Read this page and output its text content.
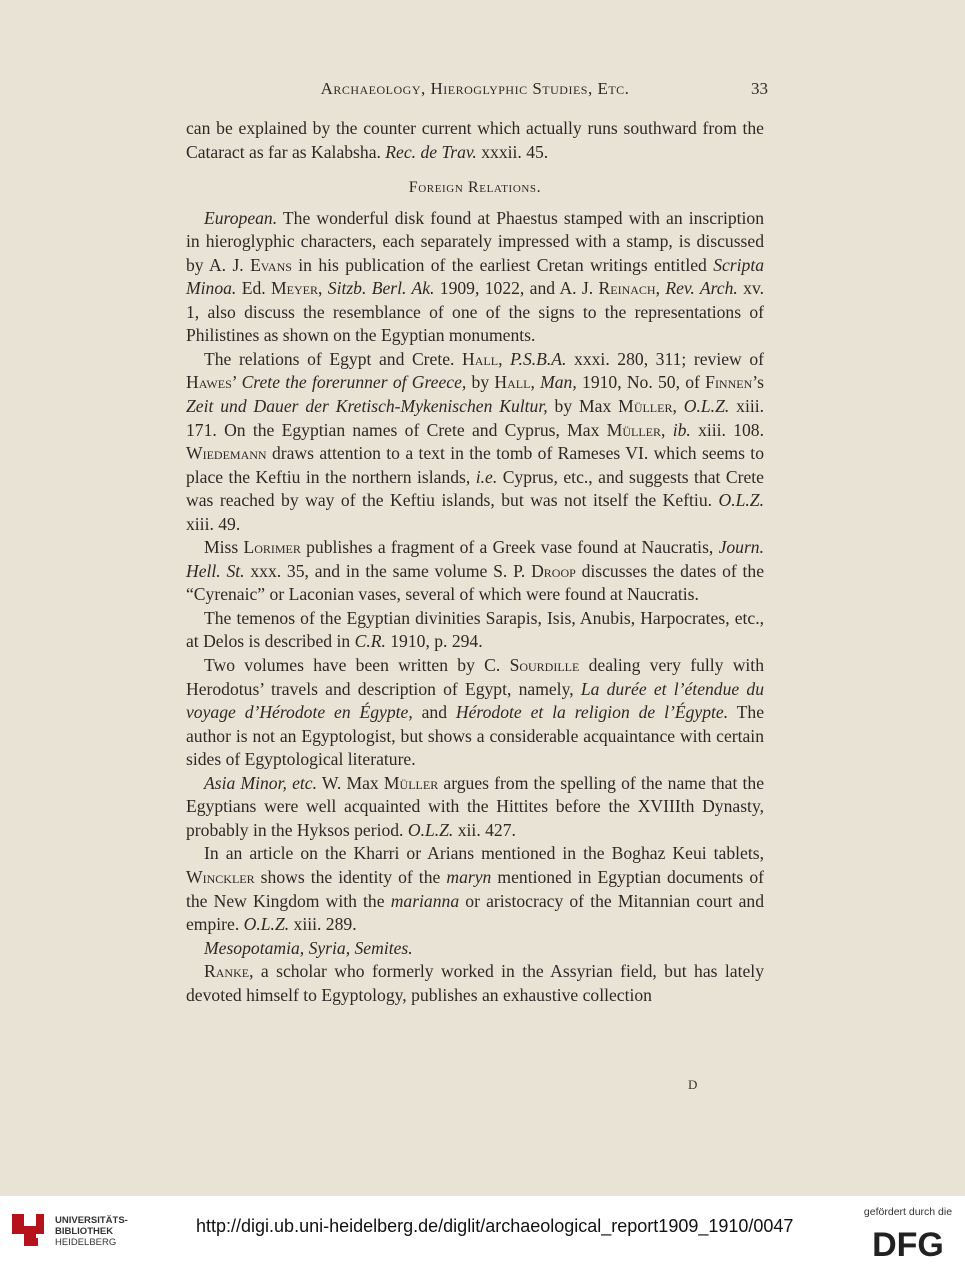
Archaeology, Hieroglyphic Studies, Etc.	33

can be explained by the counter current which actually runs southward from the Cataract as far as Kalabsha. Rec. de Trav. xxxii. 45.

Foreign Relations.

European. The wonderful disk found at Phaestus stamped with an inscription in hieroglyphic characters, each separately impressed with a stamp, is discussed by A. J. Evans in his publication of the earliest Cretan writings entitled Scripta Minoa. Ed. Meyer, Sitzb. Berl. Ak. 1909, 1022, and A. J. Reinach, Rev. Arch. xv. 1, also discuss the resemblance of one of the signs to the representations of Philistines as shown on the Egyptian monuments.

The relations of Egypt and Crete. Hall, P.S.B.A. xxxi. 280, 311; review of Hawes’ Crete the forerunner of Greece, by Hall, Man, 1910, No. 50, of Finnen’s Zeit und Dauer der Kretisch-Mykenischen Kultur, by Max Müller, O.L.Z. xiii. 171. On the Egyptian names of Crete and Cyprus, Max Müller, ib. xiii. 108. Wiedemann draws attention to a text in the tomb of Rameses VI. which seems to place the Keftiu in the northern islands, i.e. Cyprus, etc., and suggests that Crete was reached by way of the Keftiu islands, but was not itself the Keftiu. O.L.Z. xiii. 49.

Miss Lorimer publishes a fragment of a Greek vase found at Naucratis, Journ. Hell. St. xxx. 35, and in the same volume S. P. Droop discusses the dates of the “Cyrenaic” or Laconian vases, several of which were found at Naucratis.

The temenos of the Egyptian divinities Sarapis, Isis, Anubis, Harpocrates, etc., at Delos is described in C.R. 1910, p. 294.

Two volumes have been written by C. Sourdille dealing very fully with Herodotus’ travels and description of Egypt, namely, La durée et l’étendue du voyage d’Hérodote en Égypte, and Hérodote et la religion de l’Égypte. The author is not an Egyptologist, but shows a considerable acquaintance with certain sides of Egyptological literature.

Asia Minor, etc. W. Max Müller argues from the spelling of the name that the Egyptians were well acquainted with the Hittites before the XVIIIth Dynasty, probably in the Hyksos period. O.L.Z. xii. 427.

In an article on the Kharri or Arians mentioned in the Boghaz Keui tablets, Winckler shows the identity of the maryn mentioned in Egyptian documents of the New Kingdom with the marianna or aristocracy of the Mitannian court and empire. O.L.Z. xiii. 289.

Mesopotamia, Syria, Semites.

Ranke, a scholar who formerly worked in the Assyrian field, but has lately devoted himself to Egyptology, publishes an exhaustive collection

D
UNIVERSITÄTS-
BIBLIOTHEK
HEIDELBERG
http://digi.ub.uni-heidelberg.de/diglit/archaeological_report1909_1910/0047
gefördert durch die
DFG
